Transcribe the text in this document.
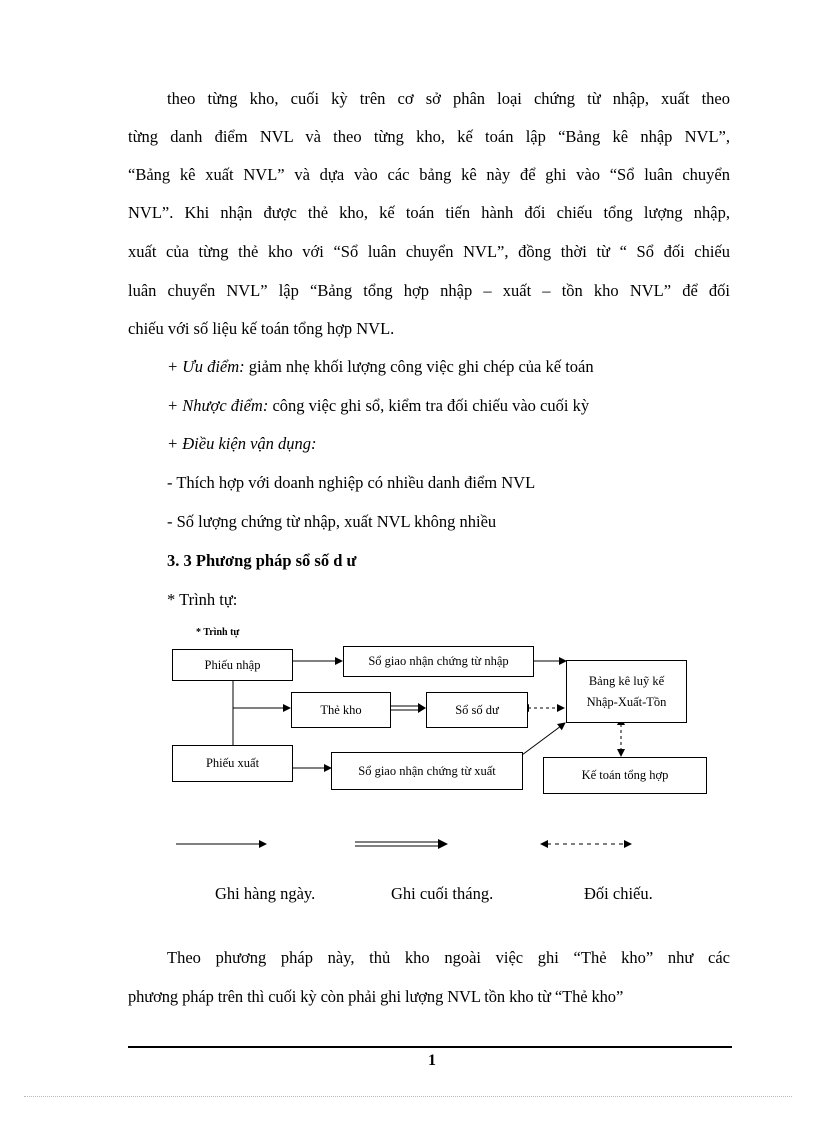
theo từng kho, cuối kỳ trên cơ sở phân loại chứng từ nhập, xuất theo
từng danh điểm NVL và theo từng kho, kế toán lập “Bảng kê nhập NVL”,
“Bảng kê xuất NVL” và dựa vào các bảng kê này để ghi vào “Sổ luân chuyển
NVL”. Khi nhận được thẻ kho, kế toán tiến hành đối chiếu tổng lượng nhập,
xuất của từng thẻ kho với “Sổ luân chuyển NVL”, đồng thời từ “ Sổ đối chiếu
luân chuyển NVL” lập “Bảng tổng hợp nhập – xuất – tồn kho NVL” để đối
chiếu với số liệu kế toán tổng hợp NVL.
+ Ưu điểm: giảm nhẹ khối lượng công việc ghi chép của kế toán
+ Nhược điểm: công việc ghi sổ, kiểm tra đối chiếu vào cuối kỳ
+ Điều kiện vận dụng:
- Thích hợp với doanh nghiệp có nhiều danh điểm NVL
- Số lượng chứng từ nhập, xuất NVL không nhiều
3. 3 Phương pháp sổ số d ư
* Trình tự:
* Trình tự
Phiếu nhập	Sổ giao nhận chứng từ nhập
Thẻ kho	Sổ số dư
Bảng kê luỹ kế
Nhập-Xuất-Tồn
Phiếu xuất
Sổ giao nhận chứng từ xuất	Kế toán tổng hợp
Ghi hàng ngày.	Ghi cuối tháng.	Đối chiếu.
Theo phương pháp này, thủ kho ngoài việc ghi “Thẻ kho” như các
phương pháp trên thì cuối kỳ còn phải ghi lượng NVL tồn kho từ “Thẻ kho”
1
